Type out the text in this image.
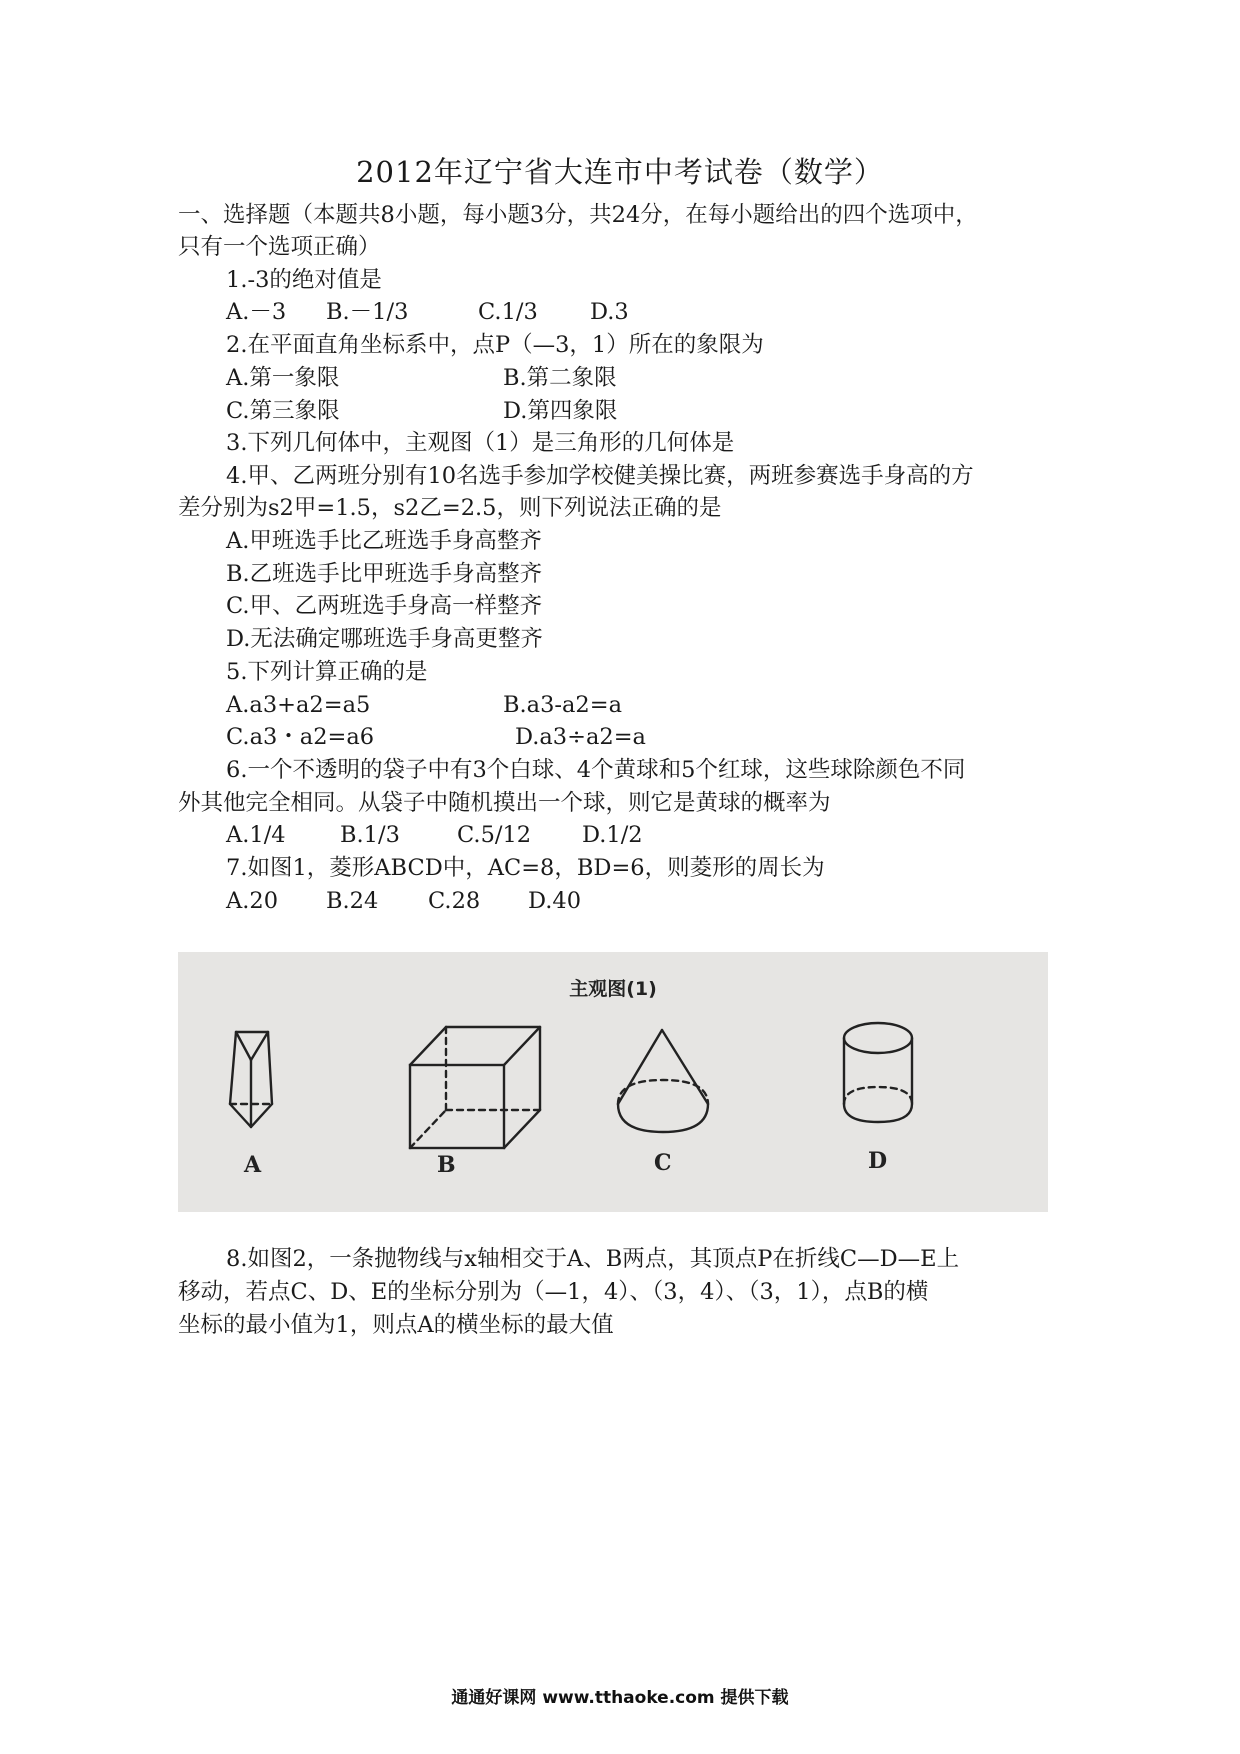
2012年辽宁省大连市中考试卷（数学）
一、选择题（本题共8小题，每小题3分，共24分，在每小题给出的四个选项中，
只有一个选项正确）
1.-3的绝对值是
A.－3 B.－1/3	C.1/3 D.3
2.在平面直角坐标系中，点P（—3，1）所在的象限为
A.第一象限	B.第二象限
C.第三象限	D.第四象限
3.下列几何体中，主观图（1）是三角形的几何体是
4.甲、乙两班分别有10名选手参加学校健美操比赛，两班参赛选手身高的方
差分别为s2甲=1.5，s2乙=2.5，则下列说法正确的是
A.甲班选手比乙班选手身高整齐
B.乙班选手比甲班选手身高整齐
C.甲、乙两班选手身高一样整齐
D.无法确定哪班选手身高更整齐
5.下列计算正确的是
A.a3+a2=a5	B.a3-a2=a
C.a3・a2=a6	D.a3÷a2=a
6.一个不透明的袋子中有3个白球、4个黄球和5个红球，这些球除颜色不同
外其他完全相同。从袋子中随机摸出一个球，则它是黄球的概率为
A.1/4 B.1/3	C.5/12 D.1/2
7.如图1，菱形ABCD中，AC=8，BD=6，则菱形的周长为
A.20 B.24 C.28 D.40
主观图(1)
A	B	C	D
8.如图2，一条抛物线与x轴相交于A、B两点，其顶点P在折线C—D—E上
移动，若点C、D、E的坐标分别为（—1，4）、（3，4）、（3，1），点B的横
坐标的最小值为1，则点A的横坐标的最大值
通通好课网 www.tthaoke.com 提供下载
